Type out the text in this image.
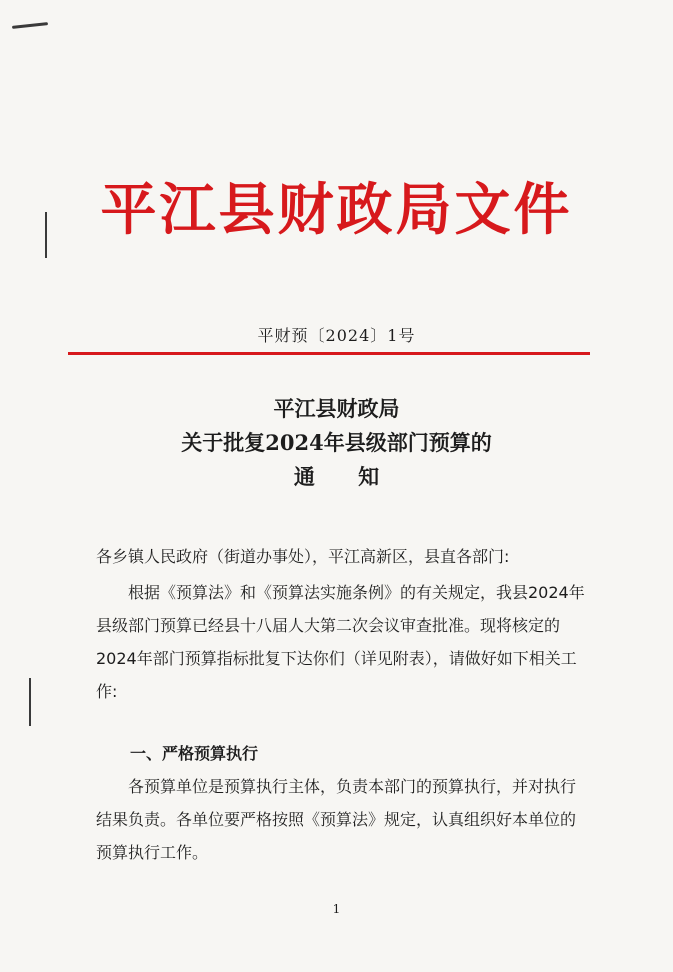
平江县财政局文件
平财预〔2024〕1号
平江县财政局
关于批复2024年县级部门预算的
通 知
各乡镇人民政府（街道办事处），平江高新区，县直各部门:

根据《预算法》和《预算法实施条例》的有关规定，我县2024年县级部门预算已经县十八届人大第二次会议审查批准。现将核定的2024年部门预算指标批复下达你们（详见附表），请做好如下相关工作:

一、严格预算执行

各预算单位是预算执行主体，负责本部门的预算执行，并对执行结果负责。各单位要严格按照《预算法》规定，认真组织好本单位的预算执行工作。

1
